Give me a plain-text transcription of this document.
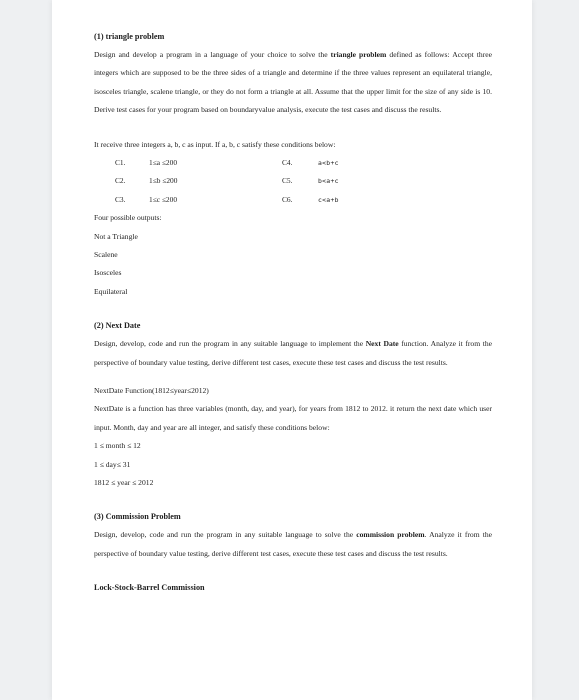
(1) triangle problem

Design and develop a program in a language of your choice to solve the triangle problem defined as follows: Accept three integers which are supposed to be the three sides of a triangle and determine if the three values represent an equilateral triangle, isosceles triangle, scalene triangle, or they do not form a triangle at all. Assume that the upper limit for the size of any side is 10. Derive test cases for your program based on boundaryvalue analysis, execute the test cases and discuss the results.

It receive three integers a, b, c as input. If a, b, c satisfy these conditions below:

C1.	1≤a ≤200	C4.	a<b+c
C2.	1≤b ≤200	C5.	b<a+c
C3.	1≤c ≤200	C6.	c<a+b

Four possible outputs:

Not a Triangle

Scalene

Isosceles

Equilateral

(2) Next Date

Design, develop, code and run the program in any suitable language to implement the Next Date function. Analyze it from the perspective of boundary value testing, derive different test cases, execute these test cases and discuss the test results.

NextDate Function(1812≤year≤2012)

NextDate is a function has three variables (month, day, and year), for years from 1812 to 2012. it return the next date which user input. Month, day and year are all integer, and satisfy these conditions below:

1 ≤ month ≤ 12

1 ≤ day≤ 31

1812 ≤ year ≤ 2012

(3) Commission Problem

Design, develop, code and run the program in any suitable language to solve the commission problem. Analyze it from the perspective of boundary value testing, derive different test cases, execute these test cases and discuss the test results.

Lock-Stock-Barrel Commission
